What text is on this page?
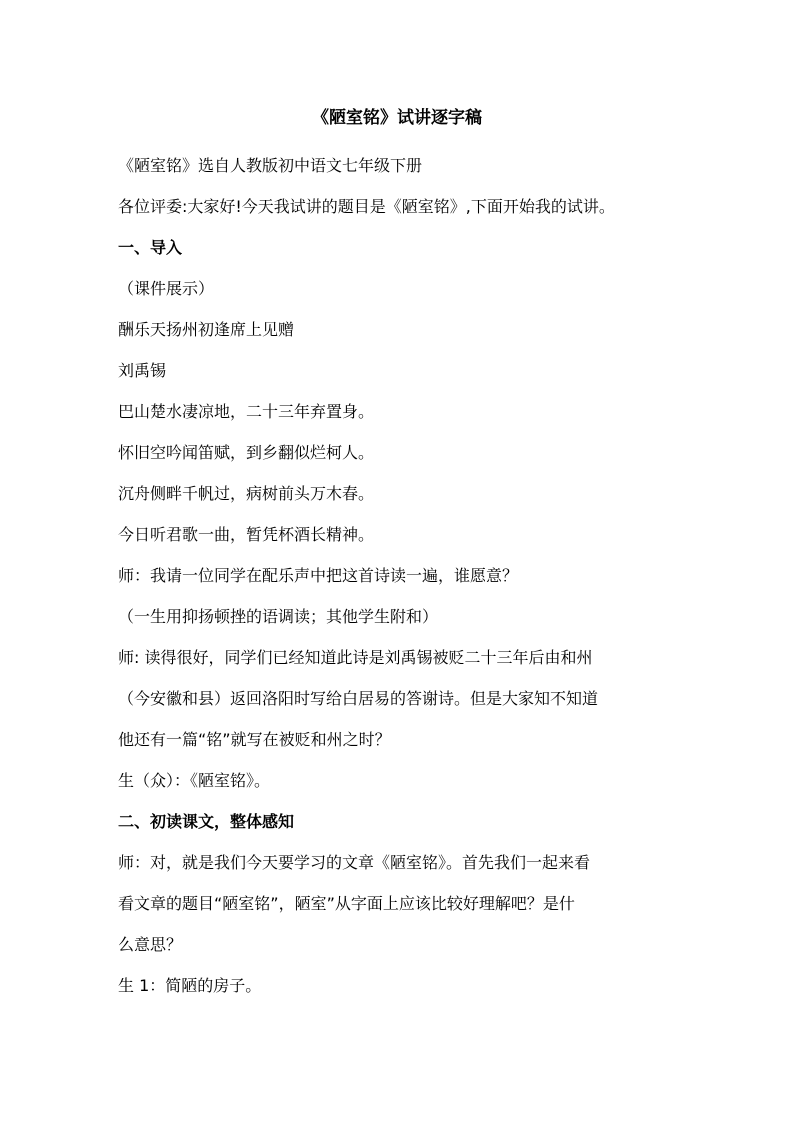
《陋室铭》试讲逐字稿
《陋室铭》选自人教版初中语文七年级下册
各位评委:大家好!今天我试讲的题目是《陋室铭》,下面开始我的试讲。
一、导入
（课件展示）
酬乐天扬州初逢席上见赠
刘禹锡
巴山楚水凄凉地，二十三年弃置身。
怀旧空吟闻笛赋，到乡翻似烂柯人。
沉舟侧畔千帆过，病树前头万木春。
今日听君歌一曲，暂凭杯酒长精神。
师：我请一位同学在配乐声中把这首诗读一遍，谁愿意？
（一生用抑扬顿挫的语调读；其他学生附和）
师: 读得很好，同学们已经知道此诗是刘禹锡被贬二十三年后由和州
（今安徽和县）返回洛阳时写给白居易的答谢诗。但是大家知不知道
他还有一篇“铭”就写在被贬和州之时？
生（众）：《陋室铭》。
二、初读课文，整体感知
师：对，就是我们今天要学习的文章《陋室铭》。首先我们一起来看
看文章的题目“陋室铭”，陋室”从字面上应该比较好理解吧？是什
么意思？
生 1：简陋的房子。
